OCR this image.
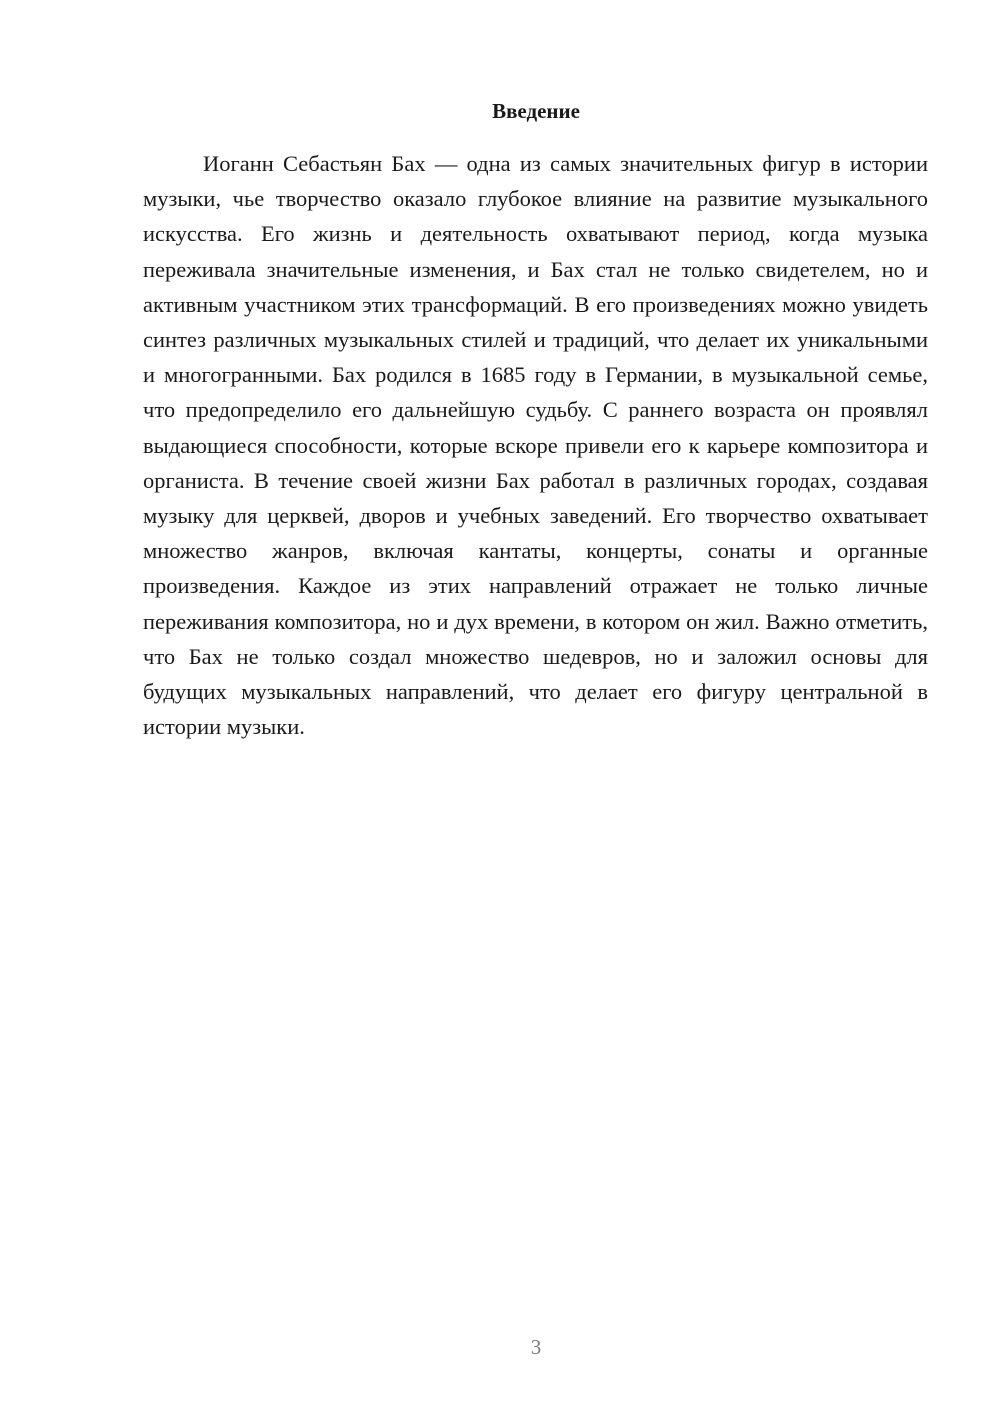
Введение

Иоганн Себастьян Бах — одна из самых значительных фигур в истории музыки, чье творчество оказало глубокое влияние на развитие музыкального искусства. Его жизнь и деятельность охватывают период, когда музыка переживала значительные изменения, и Бах стал не только свидетелем, но и активным участником этих трансформаций. В его произведениях можно увидеть синтез различных музыкальных стилей и традиций, что делает их уникальными и многогранными. Бах родился в 1685 году в Германии, в музыкальной семье, что предопределило его дальнейшую судьбу. С раннего возраста он проявлял выдающиеся способности, которые вскоре привели его к карьере композитора и органиста. В течение своей жизни Бах работал в различных городах, создавая музыку для церквей, дворов и учебных заведений. Его творчество охватывает множество жанров, включая кантаты, концерты, сонаты и органные произведения. Каждое из этих направлений отражает не только личные переживания композитора, но и дух времени, в котором он жил. Важно отметить, что Бах не только создал множество шедевров, но и заложил основы для будущих музыкальных направлений, что делает его фигуру центральной в истории музыки.

3
